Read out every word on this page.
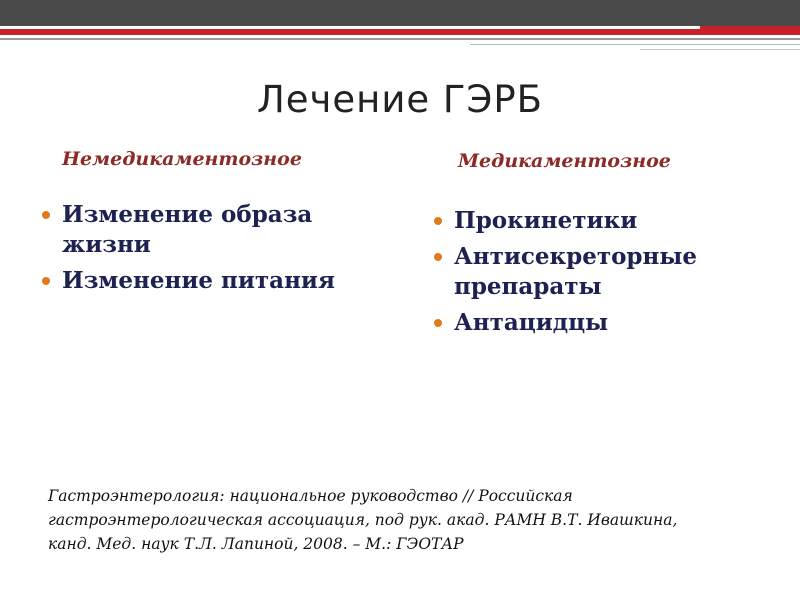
Лечение ГЭРБ
Немедикаментозное	Медикаментозное
Изменение образа жизни
Изменение питания
Прокинетики
Антисекреторные препараты
Антацидцы
Гастроэнтерология: национальное руководство // Российская гастроэнтерологическая ассоциация, под рук. акад. РАМН В.Т. Ивашкина, канд. Мед. наук Т.Л. Лапиной, 2008. – М.: ГЭОТАР
